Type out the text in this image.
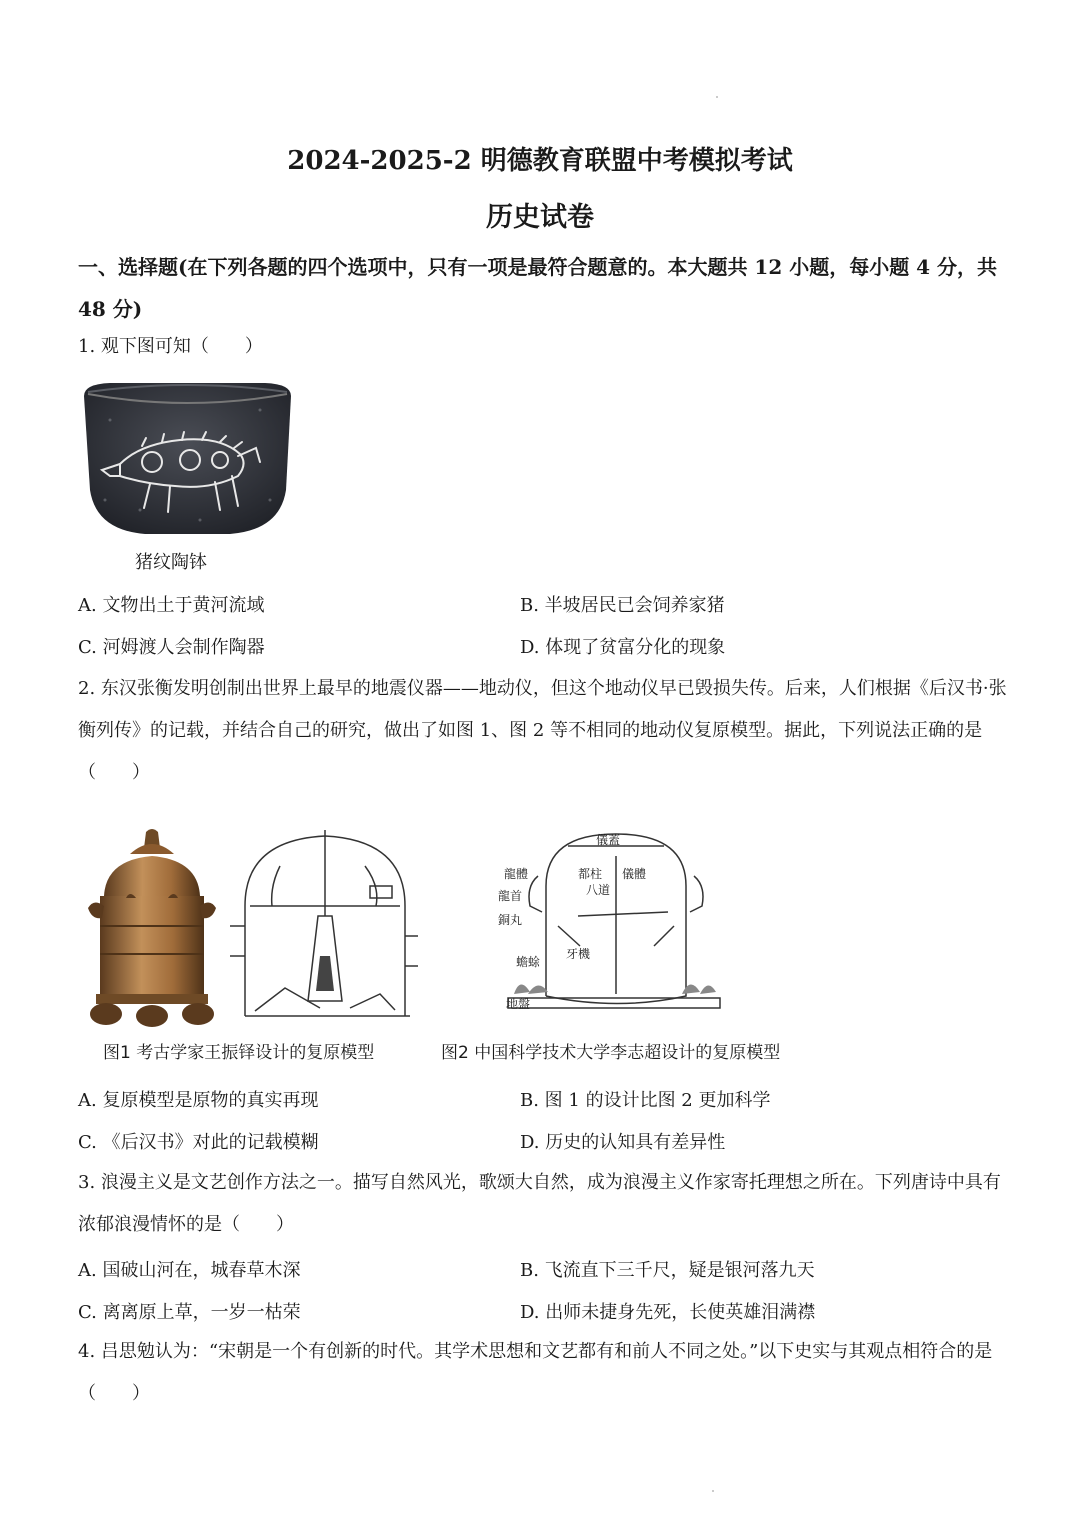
2024-2025-2 明德教育联盟中考模拟考试
历史试卷
一、选择题(在下列各题的四个选项中，只有一项是最符合题意的。本大题共 12 小题，每小题 4 分，共 48 分)
1. 观下图可知（　　）
猪纹陶钵
A. 文物出土于黄河流域	B. 半坡居民已会饲养家猪
C. 河姆渡人会制作陶器	D. 体现了贫富分化的现象
2. 东汉张衡发明创制出世界上最早的地震仪器——地动仪，但这个地动仪早已毁损失传。后来，人们根据《后汉书·张衡列传》的记载，并结合自己的研究，做出了如图 1、图 2 等不相同的地动仪复原模型。据此，下列说法正确的是（　　）
儀蓋
龍體	都柱 儀體
龍首	八道
銅丸
牙機
蟾蜍
地盤
图1 考古学家王振铎设计的复原模型	图2 中国科学技术大学李志超设计的复原模型
A. 复原模型是原物的真实再现	B. 图 1 的设计比图 2 更加科学
C. 《后汉书》对此的记载模糊	D. 历史的认知具有差异性
3. 浪漫主义是文艺创作方法之一。描写自然风光，歌颂大自然，成为浪漫主义作家寄托理想之所在。下列唐诗中具有浓郁浪漫情怀的是（　　）
A. 国破山河在，城春草木深	B. 飞流直下三千尺，疑是银河落九天
C. 离离原上草，一岁一枯荣	D. 出师未捷身先死，长使英雄泪满襟
4. 吕思勉认为：“宋朝是一个有创新的时代。其学术思想和文艺都有和前人不同之处。”以下史实与其观点相符合的是（　　）
